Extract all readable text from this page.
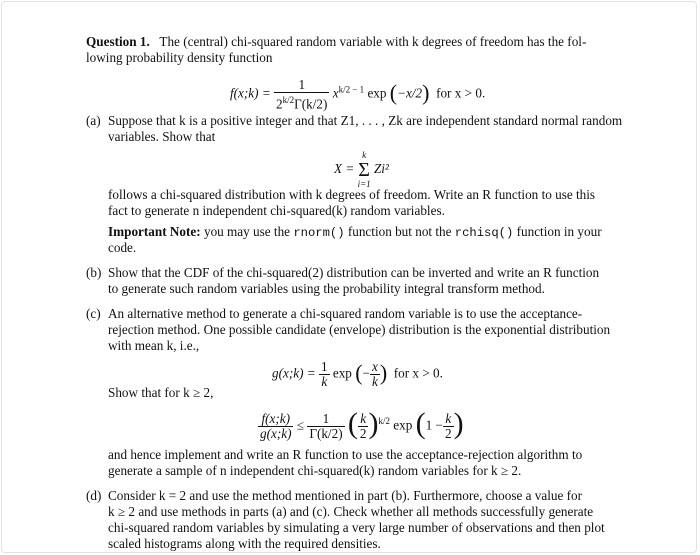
Question 1. The (central) chi-squared random variable with k degrees of freedom has the fol-
lowing probability density function
f(x;k) = $\frac{1}{2^{k/2}\Gamma(k/2)} x^{k/2 - 1}$ exp (−x/2) for x > 0.
(a) Suppose that k is a positive integer and that Z1, . . . , Zk are independent standard normal random
variables. Show that
X =
k
Σ
i=1
Zi²
follows a chi-squared distribution with k degrees of freedom. Write an R function to use this
fact to generate n independent chi-squared(k) random variables.
Important Note: you may use the rnorm() function but not the rchisq() function in your
code.
(b) Show that the CDF of the chi-squared(2) distribution can be inverted and write an R function
to generate such random variables using the probability integral transform method.
(c) An alternative method to generate a chi-squared random variable is to use the acceptance-
rejection method. One possible candidate (envelope) distribution is the exponential distribution
with mean k, i.e.,
g(x;k) = $\frac{1}{k}$ exp (− $\frac{x}{k}$ ) for x > 0.
Show that for k ≥ 2,
$\frac{f(x;k)}{g(x;k)} \le \frac{1}{\Gamma(k/2)}$ ( $\frac{k}{2} )^{k/2}$ $\exp (1 - \frac{k}{2}$ )
and hence implement and write an R function to use the acceptance-rejection algorithm to
generate a sample of n independent chi-squared(k) random variables for k ≥ 2.
(d) Consider k = 2 and use the method mentioned in part (b). Furthermore, choose a value for
k ≥ 2 and use methods in parts (a) and (c). Check whether all methods successfully generate
chi-squared random variables by simulating a very large number of observations and then plot
scaled histograms along with the required densities.
